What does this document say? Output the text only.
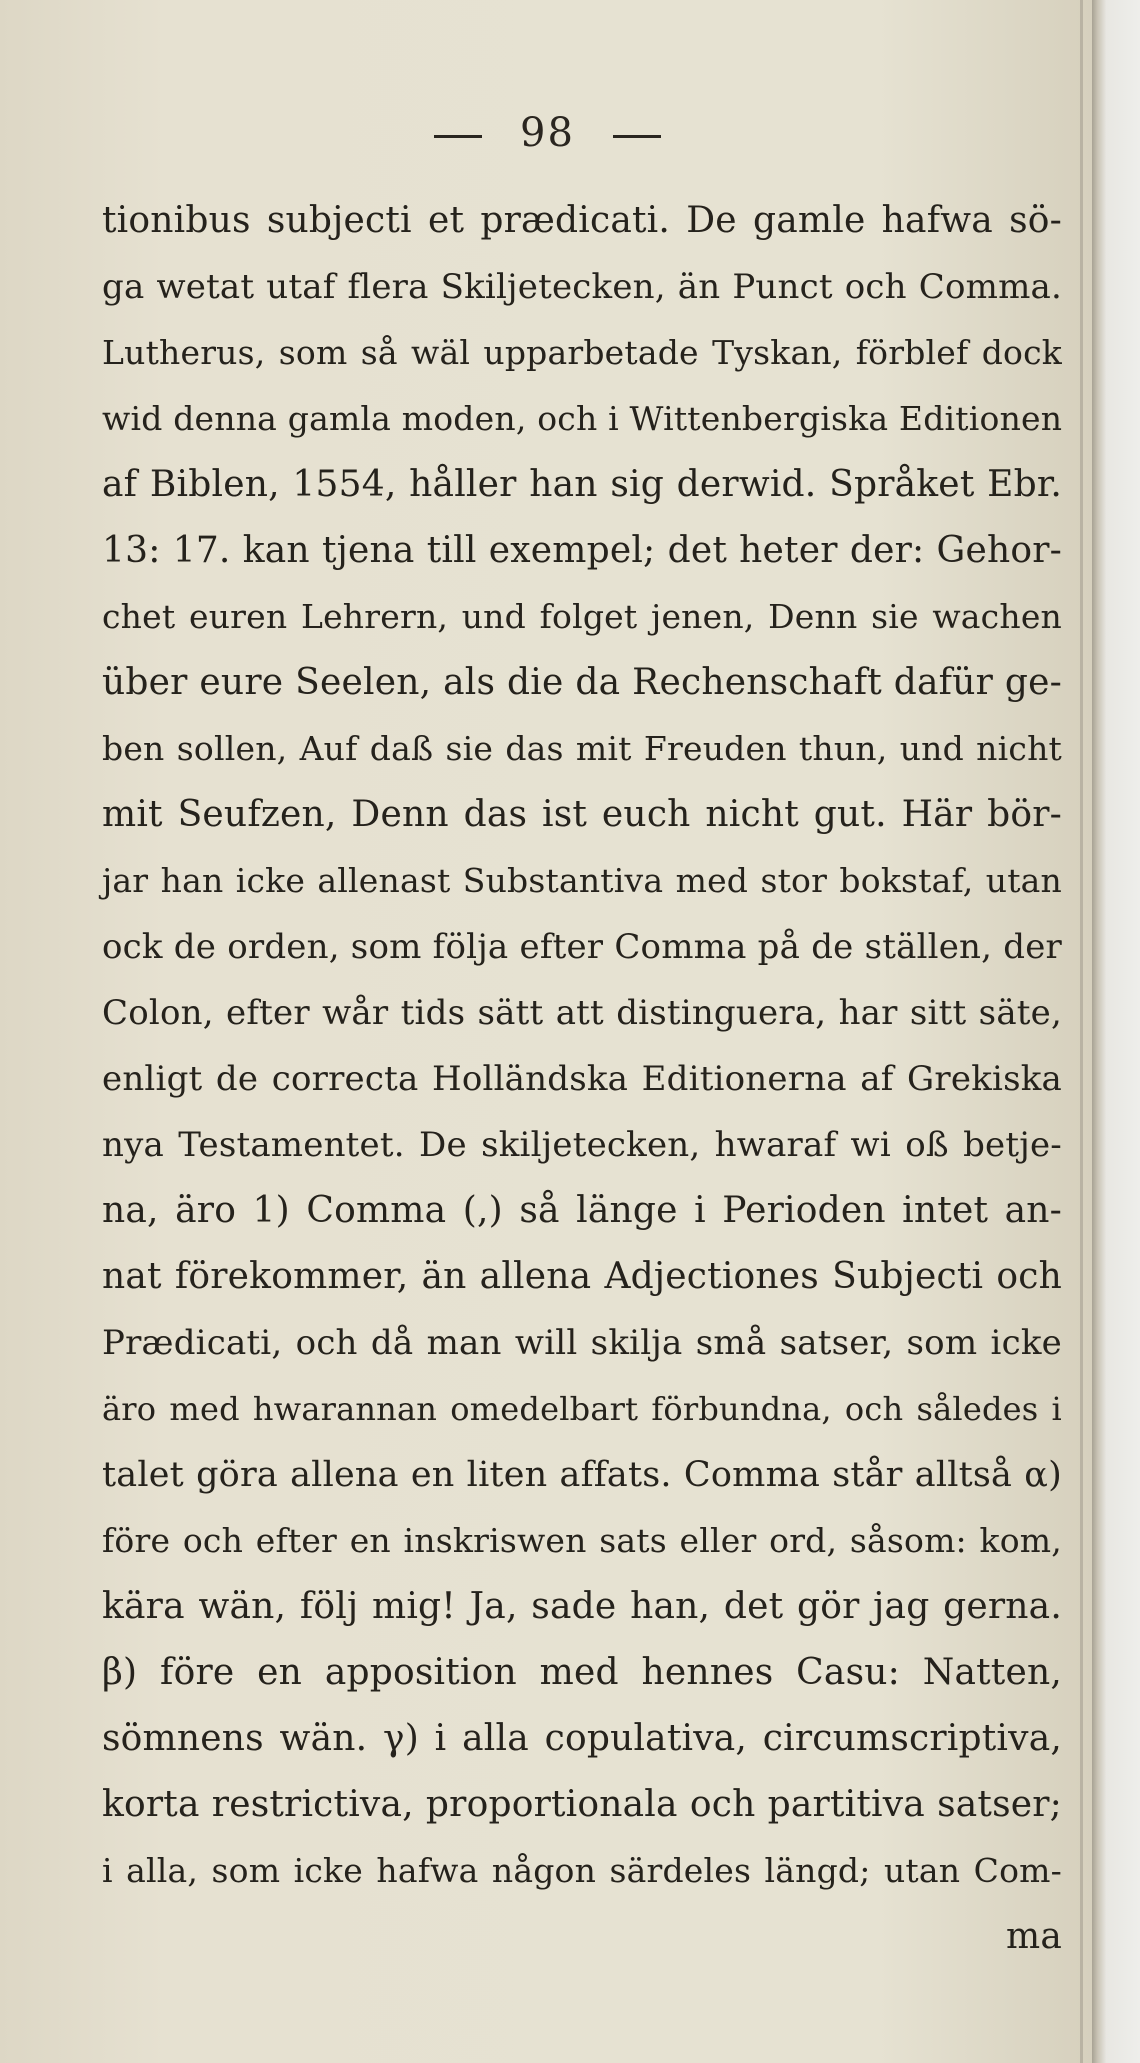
98
tionibus subjecti et prædicati. De gamle hafwa sö-
ga wetat utaf flera Skiljetecken, än Punct och Comma.
Lutherus, som så wäl upparbetade Tyskan, förblef dock
wid denna gamla moden, och i Wittenbergiska Editionen
af Biblen, 1554, håller han sig derwid. Språket Ebr.
13: 17. kan tjena till exempel; det heter der: Gehor-
chet euren Lehrern, und folget jenen, Denn sie wachen
über eure Seelen, als die da Rechenschaft dafür ge-
ben sollen, Auf daß sie das mit Freuden thun, und nicht
mit Seufzen, Denn das ist euch nicht gut. Här bör-
jar han icke allenast Substantiva med stor bokstaf, utan
ock de orden, som följa efter Comma på de ställen, der
Colon, efter wår tids sätt att distinguera, har sitt säte,
enligt de correcta Holländska Editionerna af Grekiska
nya Testamentet. De skiljetecken, hwaraf wi oß betje-
na, äro 1) Comma (,) så länge i Perioden intet an-
nat förekommer, än allena Adjectiones Subjecti och
Prædicati, och då man will skilja små satser, som icke
äro med hwarannan omedelbart förbundna, och således i
talet göra allena en liten affats. Comma står alltså α)
före och efter en inskriswen sats eller ord, såsom: kom,
kära wän, följ mig! Ja, sade han, det gör jag gerna.
β) före en apposition med hennes Casu: Natten,
sömnens wän. γ) i alla copulativa, circumscriptiva,
korta restrictiva, proportionala och partitiva satser;
i alla, som icke hafwa någon särdeles längd; utan Com-
ma
